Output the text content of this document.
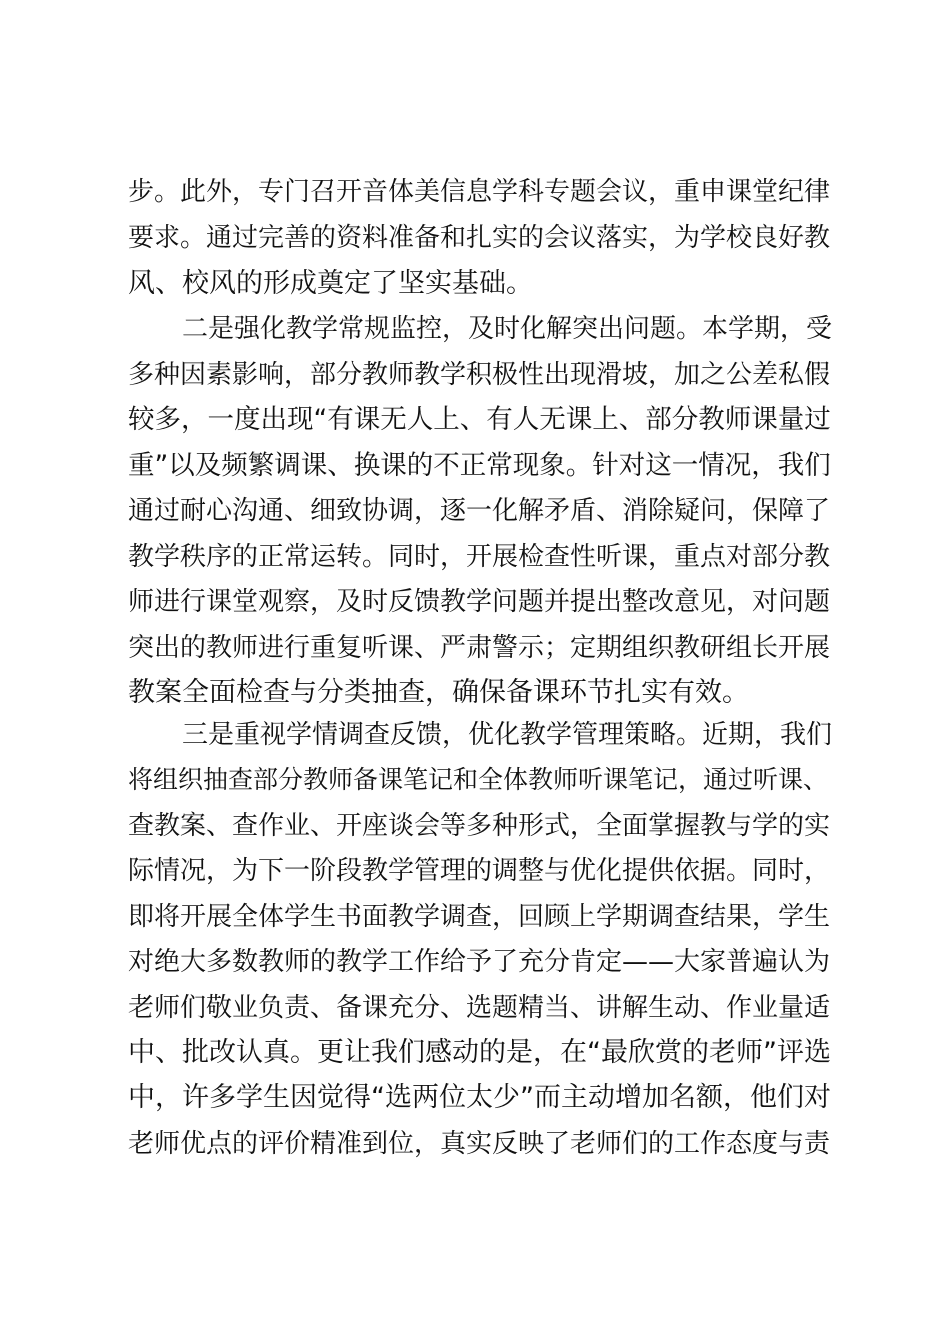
步。此外，专门召开音体美信息学科专题会议，重申课堂纪律
要求。通过完善的资料准备和扎实的会议落实，为学校良好教
风、校风的形成奠定了坚实基础。
二是强化教学常规监控，及时化解突出问题。本学期，受
多种因素影响，部分教师教学积极性出现滑坡，加之公差私假
较多，一度出现“有课无人上、有人无课上、部分教师课量过
重”以及频繁调课、换课的不正常现象。针对这一情况，我们
通过耐心沟通、细致协调，逐一化解矛盾、消除疑问，保障了
教学秩序的正常运转。同时，开展检查性听课，重点对部分教
师进行课堂观察，及时反馈教学问题并提出整改意见，对问题
突出的教师进行重复听课、严肃警示；定期组织教研组长开展
教案全面检查与分类抽查，确保备课环节扎实有效。
三是重视学情调查反馈，优化教学管理策略。近期，我们
将组织抽查部分教师备课笔记和全体教师听课笔记，通过听课、
查教案、查作业、开座谈会等多种形式，全面掌握教与学的实
际情况，为下一阶段教学管理的调整与优化提供依据。同时，
即将开展全体学生书面教学调查，回顾上学期调查结果，学生
对绝大多数教师的教学工作给予了充分肯定——大家普遍认为
老师们敬业负责、备课充分、选题精当、讲解生动、作业量适
中、批改认真。更让我们感动的是，在“最欣赏的老师”评选
中，许多学生因觉得“选两位太少”而主动增加名额，他们对
老师优点的评价精准到位，真实反映了老师们的工作态度与责
